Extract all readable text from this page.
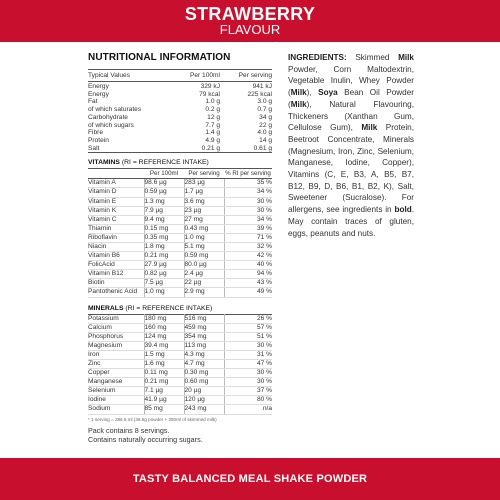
STRAWBERRY
FLAVOUR
NUTRITIONAL INFORMATION
Typical Values	Per 100ml	Per serving
Energy	329 kJ	941 kJ
Energy	79 kcal	225 kcal
Fat	1.0 g	3.0 g
of which saturates	0.2 g	0.7 g
Carbohydrate	12 g	34 g
of which sugars	7.7 g	22 g
Fibre	1.4 g	4.0 g
Protein	4.9 g	14 g
Salt	0.21 g	0.61 g
VITAMINS (RI = REFERENCE INTAKE)
	Per 100ml	Per serving	% RI per serving
Vitamin A	98.6 µg	283 µg	35 %
Vitamin D	0.59 µg	1.7 µg	34 %
Vitamin E	1.3 mg	3.6 mg	30 %
Vitamin K	7.9 µg	23 µg	30 %
Vitamin C	9.4 mg	27 mg	34 %
Thiamin	0.15 mg	0.43 mg	39 %
Riboflavin	0.35 mg	1.0 mg	71 %
Niacin	1.8 mg	5.1 mg	32 %
Vitamin B6	0.21 mg	0.59 mg	42 %
FolicAcid	27.9 µg	80.0 µg	40 %
Vitamin B12	0.82 µg	2.4 µg	94 %
Biotin	7.5 µg	22 µg	43 %
Pantothenic Acid	1.0 mg	2.9 mg	49 %
MINERALS (RI = REFERENCE INTAKE)
Potassium	180 mg	516 mg	26 %
Calcium	160 mg	459 mg	57 %
Phosphorus	124 mg	354 mg	51 %
Magnesium	39.4 mg	113 mg	30 %
Iron	1.5 mg	4.3 mg	31 %
Zinc	1.6 mg	4.7 mg	47 %
Copper	0.11 mg	0.30 mg	30 %
Manganese	0.21 mg	0.60 mg	30 %
Selenium	7.1 µg	20 µg	37 %
Iodine	41.9 µg	120 µg	80 %
Sodium	85 mg	243 mg	n/a
* 1 serving = 286.5 ml (36.5g powder + 250ml of skimmed milk)
Pack contains 8 servings.
Contains naturally occurring sugars.
INGREDIENTS: Skimmed Milk Powder, Corn Maltodextrin, Vegetable Inulin, Whey Powder (Milk), Soya Bean Oil Powder (Milk), Natural Flavouring, Thickeners (Xanthan Gum, Cellulose Gum), Milk Protein, Beetroot Concentrate, Minerals (Magnesium, Iron, Zinc, Selenium, Manganese, Iodine, Copper), Vitamins (C, E, B3, A, B5, B7, B12, B9, D, B6, B1, B2, K), Salt, Sweetener (Sucralose). For allergens, see ingredients in bold. May contain traces of gluten, eggs, peanuts and nuts.
TASTY BALANCED MEAL SHAKE POWDER
